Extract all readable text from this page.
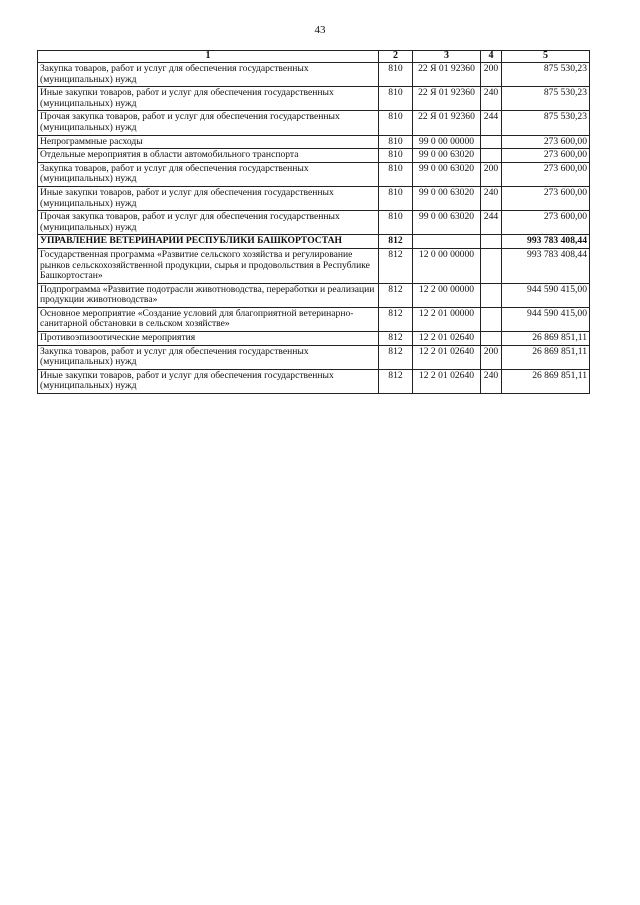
43
1	2	3	4	5
Закупка товаров, работ и услуг для обеспечения государственных (муниципальных) нужд	810	22 Я 01 92360	200	875 530,23
Иные закупки товаров, работ и услуг для обеспечения государственных (муниципальных) нужд	810	22 Я 01 92360	240	875 530,23
Прочая закупка товаров, работ и услуг для обеспечения государственных (муниципальных) нужд	810	22 Я 01 92360	244	875 530,23
Непрограммные расходы	810	99 0 00 00000		273 600,00
Отдельные мероприятия в области автомобильного транспорта	810	99 0 00 63020		273 600,00
Закупка товаров, работ и услуг для обеспечения государственных (муниципальных) нужд	810	99 0 00 63020	200	273 600,00
Иные закупки товаров, работ и услуг для обеспечения государственных (муниципальных) нужд	810	99 0 00 63020	240	273 600,00
Прочая закупка товаров, работ и услуг для обеспечения государственных (муниципальных) нужд	810	99 0 00 63020	244	273 600,00
УПРАВЛЕНИЕ ВЕТЕРИНАРИИ РЕСПУБЛИКИ БАШКОРТОСТАН	812			993 783 408,44
Государственная программа «Развитие сельского хозяйства и регулирование рынков сельскохозяйственной продукции, сырья и продовольствия в Республике Башкортостан»	812	12 0 00 00000		993 783 408,44
Подпрограмма «Развитие подотрасли животноводства, переработки и реализации продукции животноводства»	812	12 2 00 00000		944 590 415,00
Основное мероприятие «Создание условий для благоприятной ветеринарно-санитарной обстановки в сельском хозяйстве»	812	12 2 01 00000		944 590 415,00
Противоэпизоотические мероприятия	812	12 2 01 02640		26 869 851,11
Закупка товаров, работ и услуг для обеспечения государственных (муниципальных) нужд	812	12 2 01 02640	200	26 869 851,11
Иные закупки товаров, работ и услуг для обеспечения государственных (муниципальных) нужд	812	12 2 01 02640	240	26 869 851,11
